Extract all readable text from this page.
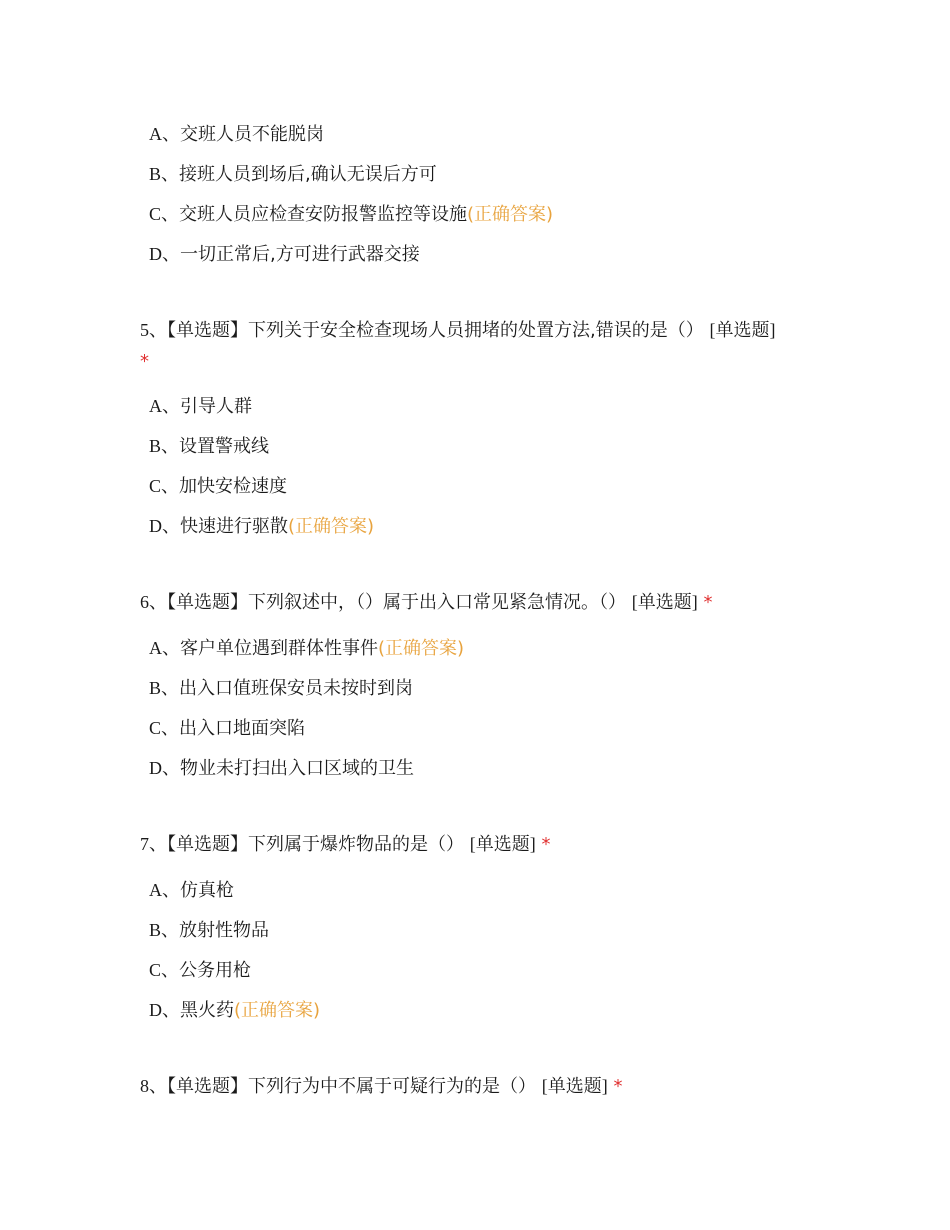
A、交班人员不能脱岗
B、接班人员到场后,确认无误后方可
C、交班人员应检查安防报警监控等设施(正确答案)
D、一切正常后,方可进行武器交接
5、【单选题】下列关于安全检查现场人员拥堵的处置方法,错误的是（） [单选题]
*
A、引导人群
B、设置警戒线
C、加快安检速度
D、快速进行驱散(正确答案)
6、【单选题】下列叙述中，（）属于出入口常见紧急情况。（） [单选题] *
A、客户单位遇到群体性事件(正确答案)
B、出入口值班保安员未按时到岗
C、出入口地面突陷
D、物业未打扫出入口区域的卫生
7、【单选题】下列属于爆炸物品的是（） [单选题] *
A、仿真枪
B、放射性物品
C、公务用枪
D、黑火药(正确答案)
8、【单选题】下列行为中不属于可疑行为的是（） [单选题] *
